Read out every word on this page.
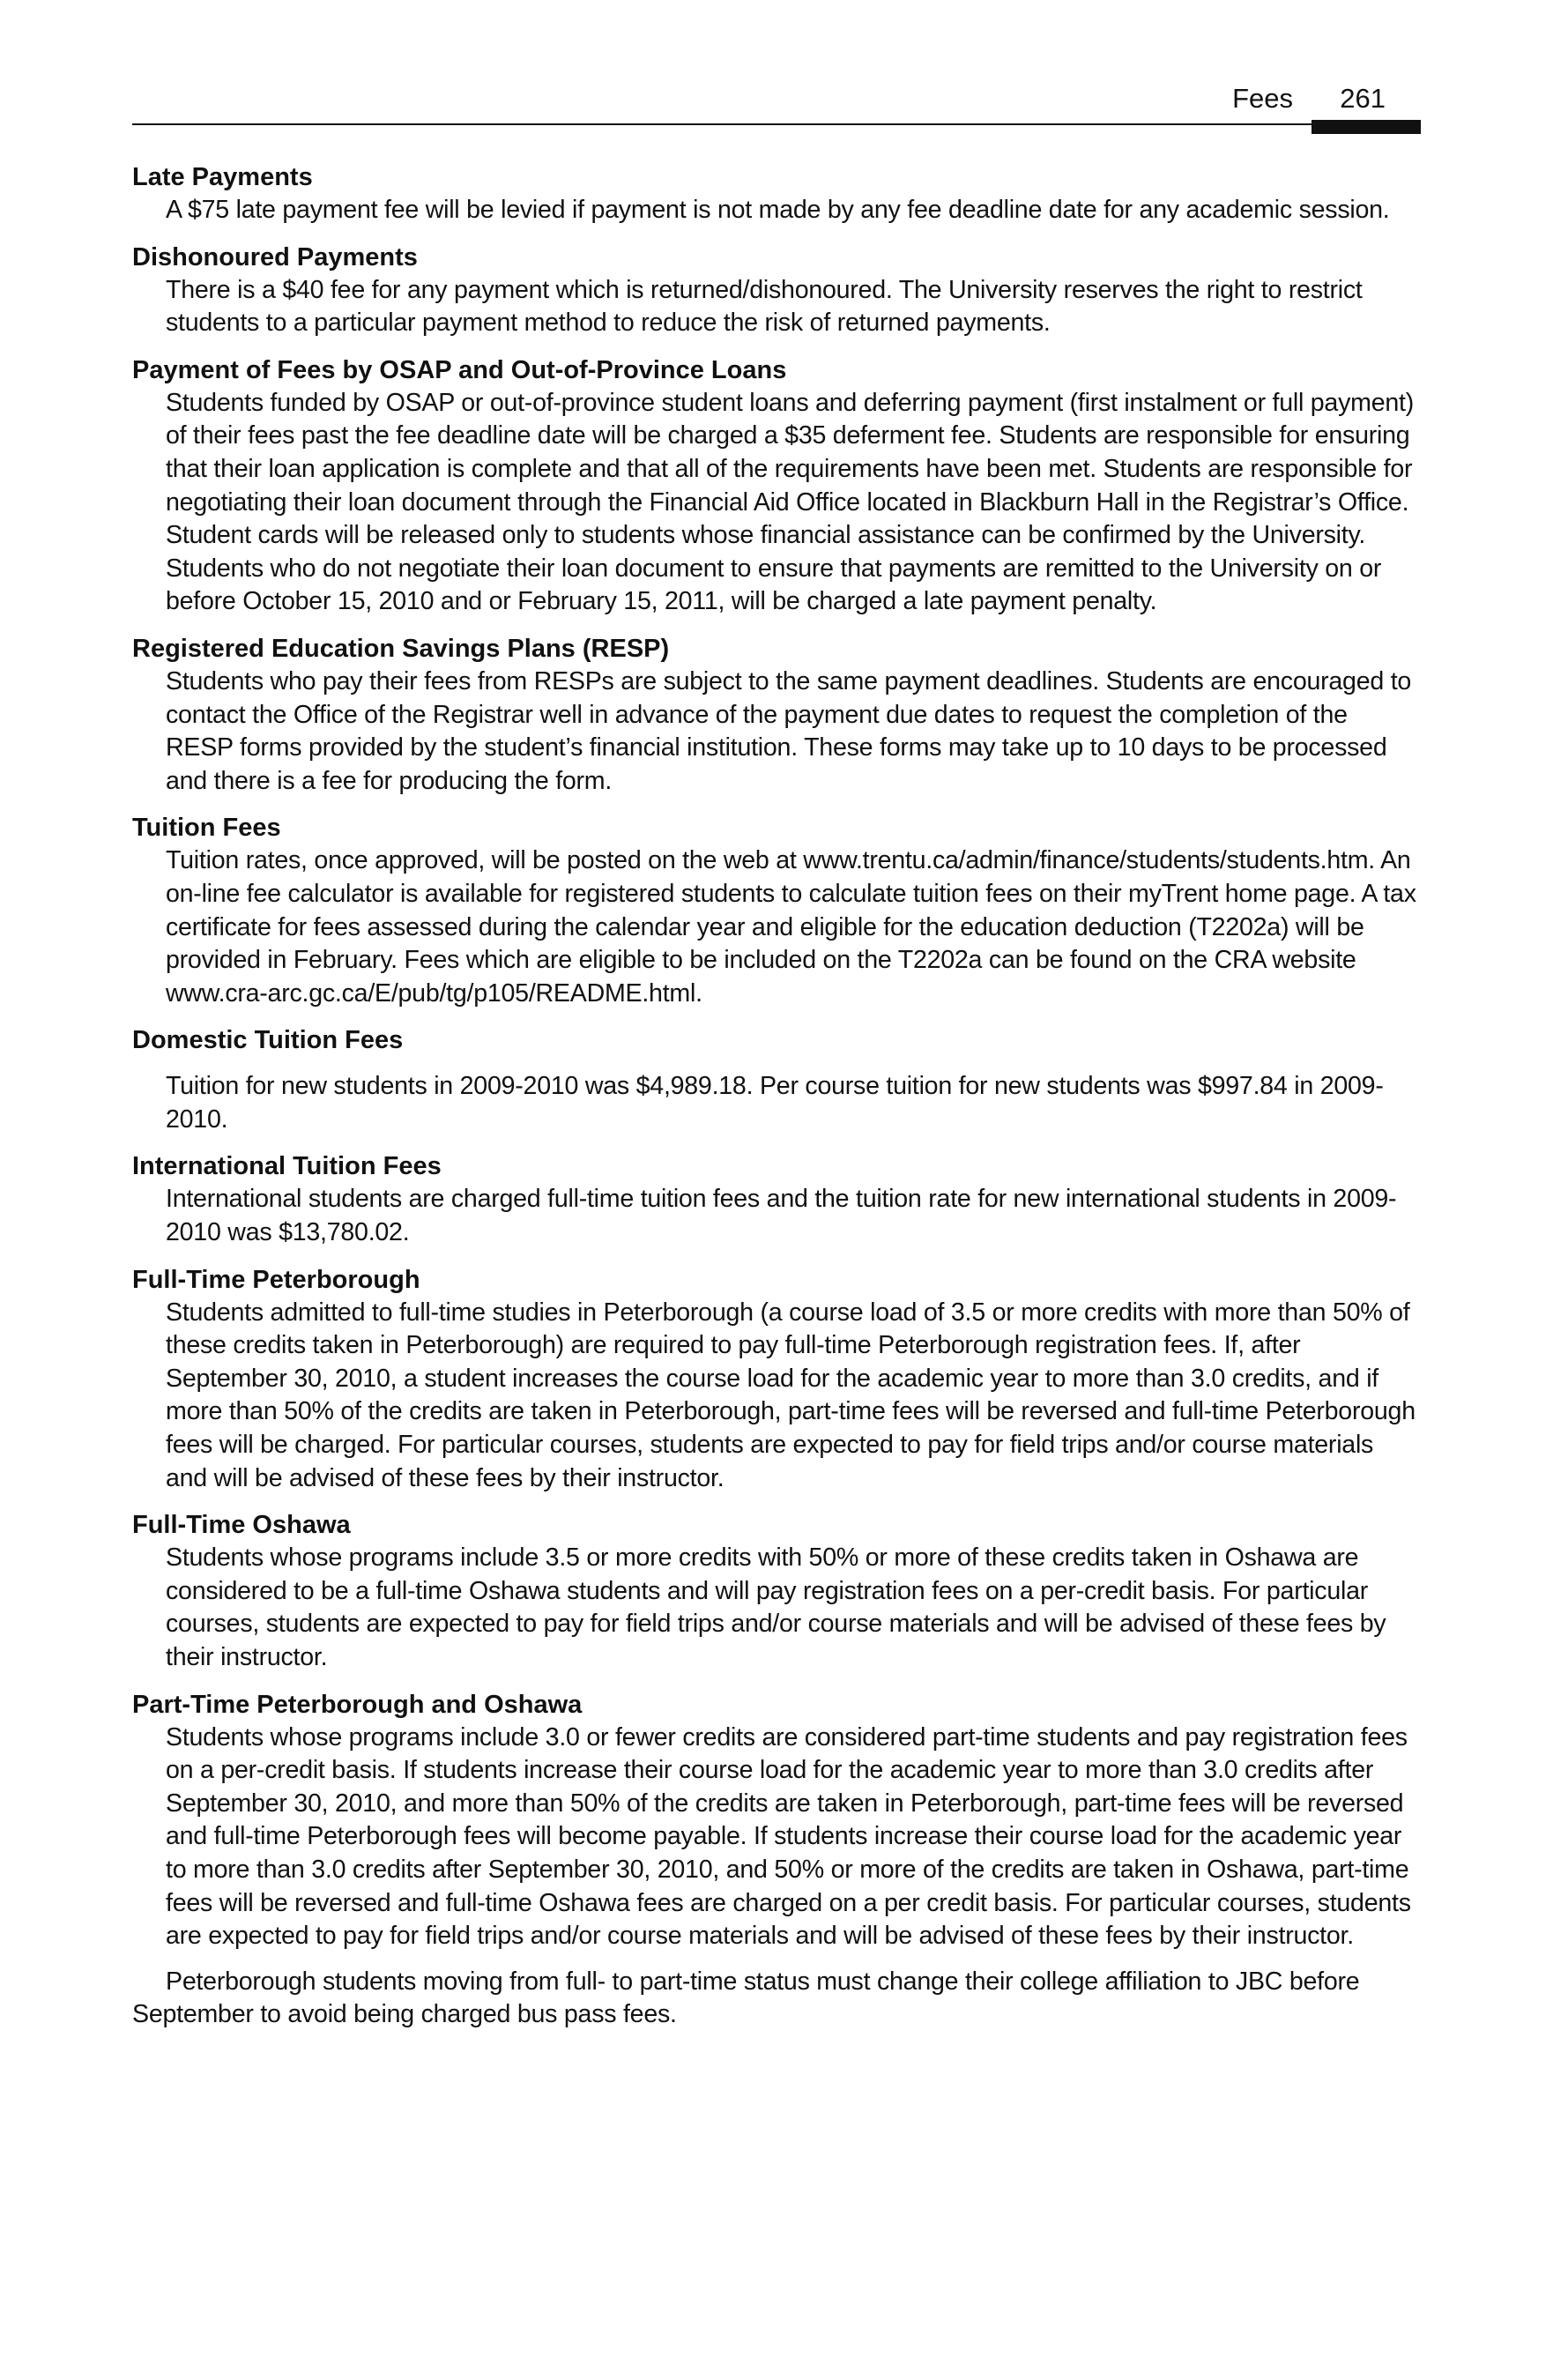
Fees 261

Late Payments

A $75 late payment fee will be levied if payment is not made by any fee deadline date for any academic session.

Dishonoured Payments

There is a $40 fee for any payment which is returned/dishonoured. The University reserves the right to restrict students to a particular payment method to reduce the risk of returned payments.

Payment of Fees by OSAP and Out-of-Province Loans

Students funded by OSAP or out-of-province student loans and deferring payment (first instalment or full payment) of their fees past the fee deadline date will be charged a $35 deferment fee. Students are responsible for ensuring that their loan application is complete and that all of the requirements have been met. Students are responsible for negotiating their loan document through the Financial Aid Office located in Blackburn Hall in the Registrar’s Office. Student cards will be released only to students whose financial assistance can be confirmed by the University. Students who do not negotiate their loan document to ensure that payments are remitted to the University on or before October 15, 2010 and or February 15, 2011, will be charged a late payment penalty.

Registered Education Savings Plans (RESP)

Students who pay their fees from RESPs are subject to the same payment deadlines. Students are encouraged to contact the Office of the Registrar well in advance of the payment due dates to request the completion of the RESP forms provided by the student’s financial institution. These forms may take up to 10 days to be processed and there is a fee for producing the form.

Tuition Fees

Tuition rates, once approved, will be posted on the web at www.trentu.ca/admin/finance/students/students.htm. An on-line fee calculator is available for registered students to calculate tuition fees on their myTrent home page. A tax certificate for fees assessed during the calendar year and eligible for the education deduction (T2202a) will be provided in February. Fees which are eligible to be included on the T2202a can be found on the CRA website www.cra-arc.gc.ca/E/pub/tg/p105/README.html.

Domestic Tuition Fees

Tuition for new students in 2009-2010 was $4,989.18. Per course tuition for new students was $997.84 in 2009-2010.

International Tuition Fees

International students are charged full-time tuition fees and the tuition rate for new international students in 2009-2010 was $13,780.02.

Full-Time Peterborough

Students admitted to full-time studies in Peterborough (a course load of 3.5 or more credits with more than 50% of these credits taken in Peterborough) are required to pay full-time Peterborough registration fees. If, after September 30, 2010, a student increases the course load for the academic year to more than 3.0 credits, and if more than 50% of the credits are taken in Peterborough, part-time fees will be reversed and full-time Peterborough fees will be charged. For particular courses, students are expected to pay for field trips and/or course materials and will be advised of these fees by their instructor.

Full-Time Oshawa

Students whose programs include 3.5 or more credits with 50% or more of these credits taken in Oshawa are considered to be a full-time Oshawa students and will pay registration fees on a per-credit basis. For particular courses, students are expected to pay for field trips and/or course materials and will be advised of these fees by their instructor.

Part-Time Peterborough and Oshawa

Students whose programs include 3.0 or fewer credits are considered part-time students and pay registration fees on a per-credit basis. If students increase their course load for the academic year to more than 3.0 credits after September 30, 2010, and more than 50% of the credits are taken in Peterborough, part-time fees will be reversed and full-time Peterborough fees will become payable. If students increase their course load for the academic year to more than 3.0 credits after September 30, 2010, and 50% or more of the credits are taken in Oshawa, part-time fees will be reversed and full-time Oshawa fees are charged on a per credit basis. For particular courses, students are expected to pay for field trips and/or course materials and will be advised of these fees by their instructor.

Peterborough students moving from full- to part-time status must change their college affiliation to JBC before September to avoid being charged bus pass fees.
